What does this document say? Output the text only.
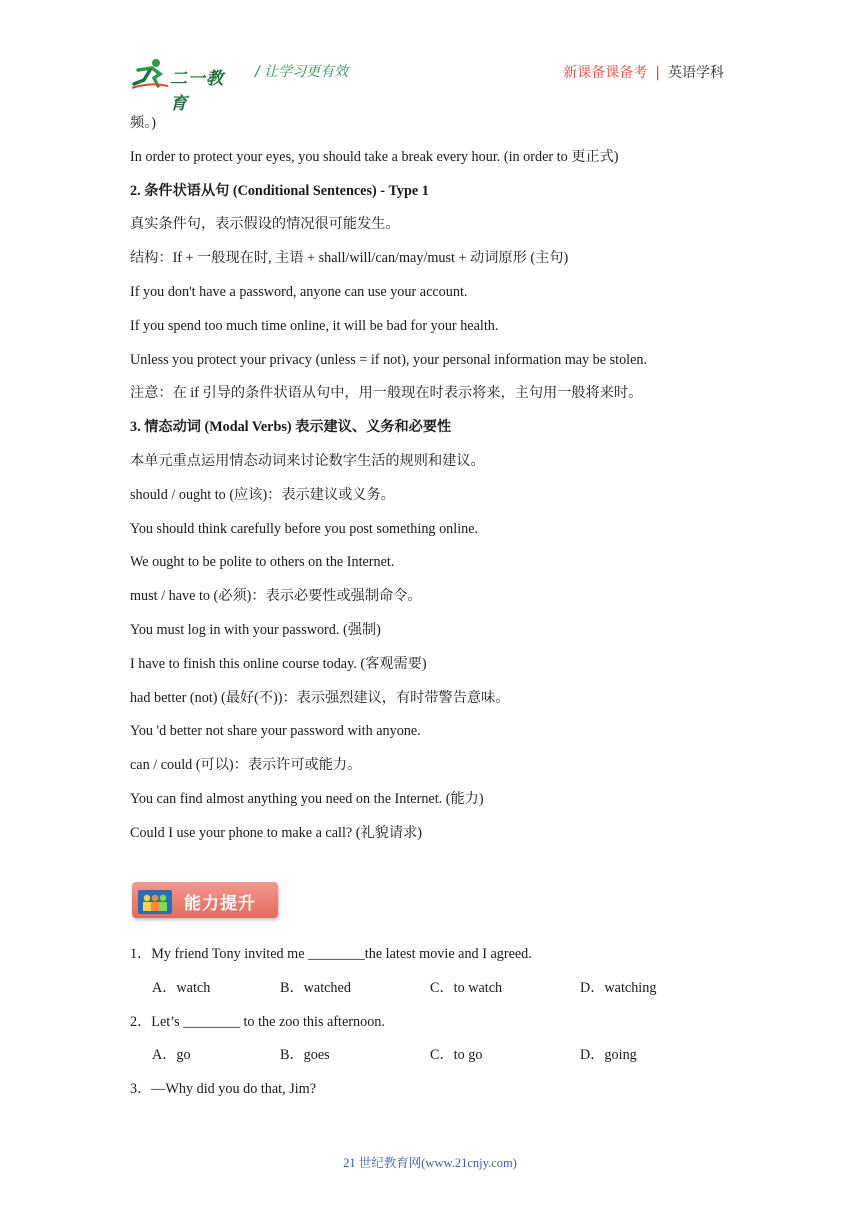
二一教育
/ 让学习更有效	新课备课备考 | 英语学科
频。)
In order to protect your eyes, you should take a break every hour. (in order to 更正式)
2. 条件状语从句 (Conditional Sentences) - Type 1
真实条件句，表示假设的情况很可能发生。
结构：If + 一般现在时, 主语 + shall/will/can/may/must + 动词原形 (主句)
If you don't have a password, anyone can use your account.
If you spend too much time online, it will be bad for your health.
Unless you protect your privacy (unless = if not), your personal information may be stolen.
注意：在 if 引导的条件状语从句中，用一般现在时表示将来，主句用一般将来时。
3. 情态动词 (Modal Verbs) 表示建议、义务和必要性
本单元重点运用情态动词来讨论数字生活的规则和建议。
should / ought to (应该)：表示建议或义务。
You should think carefully before you post something online.
We ought to be polite to others on the Internet.
must / have to (必须)：表示必要性或强制命令。
You must log in with your password. (强制)
I have to finish this online course today. (客观需要)
had better (not) (最好(不))：表示强烈建议，有时带警告意味。
You 'd better not share your password with anyone.
can / could (可以)：表示许可或能力。
You can find almost anything you need on the Internet. (能力)
Could I use your phone to make a call? (礼貌请求)
能力提升
1．My friend Tony invited me ________the latest movie and I agreed.
A．watch	B．watched	C．to watch	D．watching
2．Let’s ________ to the zoo this afternoon.
A．go	B．goes	C．to go	D．going
3．—Why did you do that, Jim?
21 世纪教育网(www.21cnjy.com)
